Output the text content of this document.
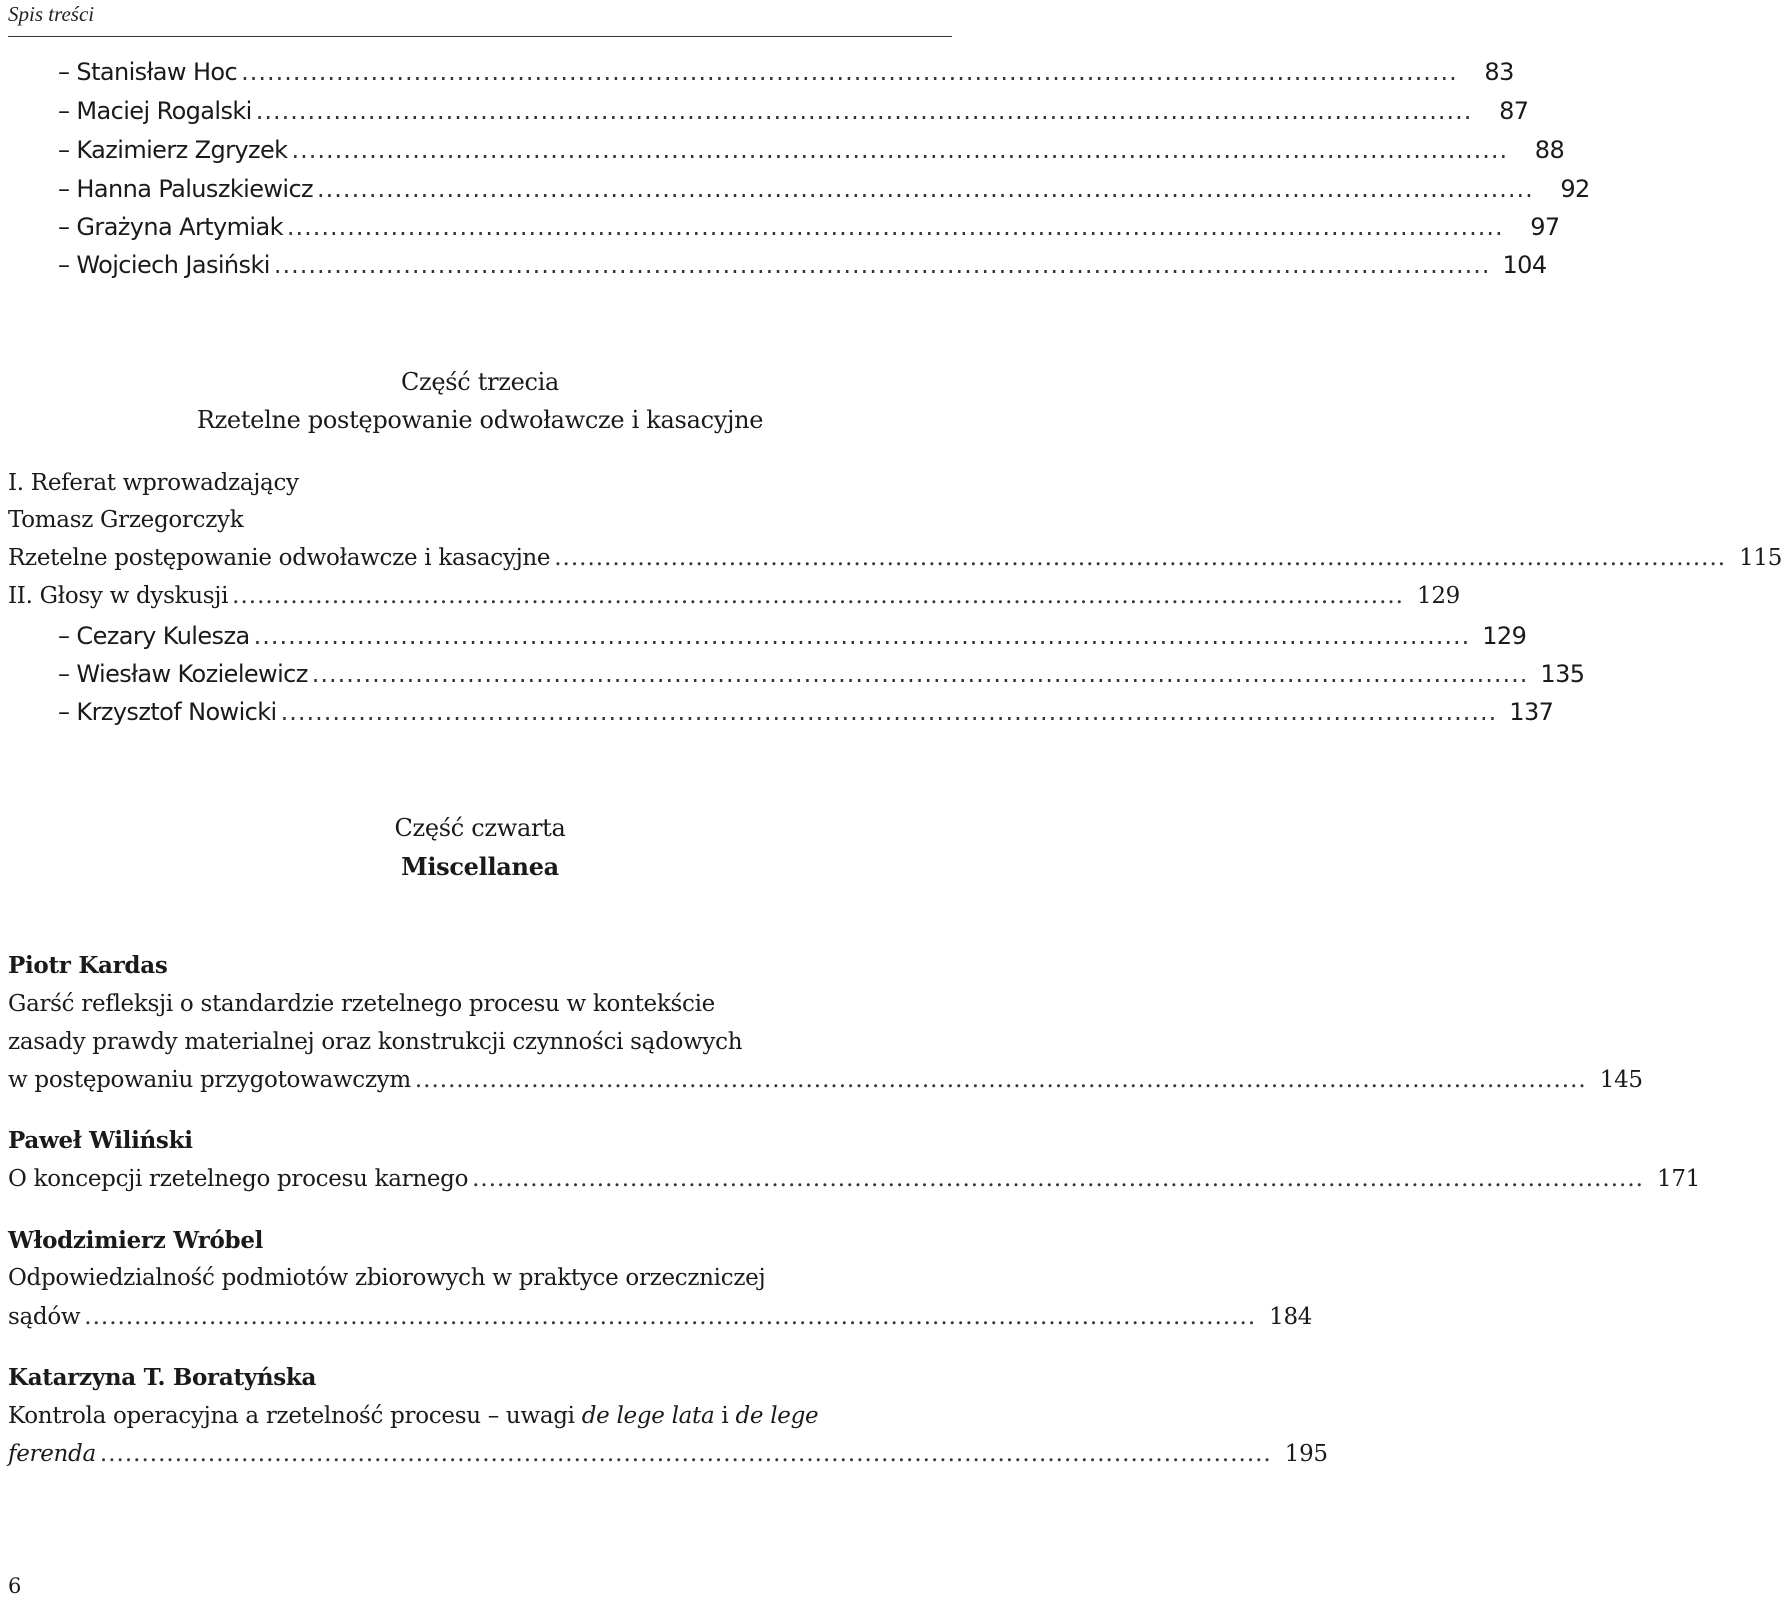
Spis treści
– Stanisław Hoc .............................................................................................................................................	83
– Maciej Rogalski .............................................................................................................................................	87
– Kazimierz Zgryzek .............................................................................................................................................	88
– Hanna Paluszkiewicz .............................................................................................................................................	92
– Grażyna Artymiak .............................................................................................................................................	97
– Wojciech Jasiński ............................................................................................................................................. 104
Część trzecia
Rzetelne postępowanie odwoławcze i kasacyjne
I. Referat wprowadzający
Tomasz Grzegorczyk
Rzetelne postępowanie odwoławcze i kasacyjne ............................................................................................................................................. 115
II. Głosy w dyskusji ............................................................................................................................................. 129
– Cezary Kulesza ............................................................................................................................................. 129
– Wiesław Kozielewicz ............................................................................................................................................. 135
– Krzysztof Nowicki ............................................................................................................................................. 137
Część czwarta
Miscellanea
Piotr Kardas
Garść refleksji o standardzie rzetelnego procesu w kontekście
zasady prawdy materialnej oraz konstrukcji czynności sądowych
w postępowaniu przygotowawczym ............................................................................................................................................. 145
Paweł Wiliński
O koncepcji rzetelnego procesu karnego ............................................................................................................................................. 171
Włodzimierz Wróbel
Odpowiedzialność podmiotów zbiorowych w praktyce orzeczniczej
sądów ............................................................................................................................................. 184
Katarzyna T. Boratyńska
Kontrola operacyjna a rzetelność procesu – uwagi de lege lata i de lege
ferenda ............................................................................................................................................. 195
6
